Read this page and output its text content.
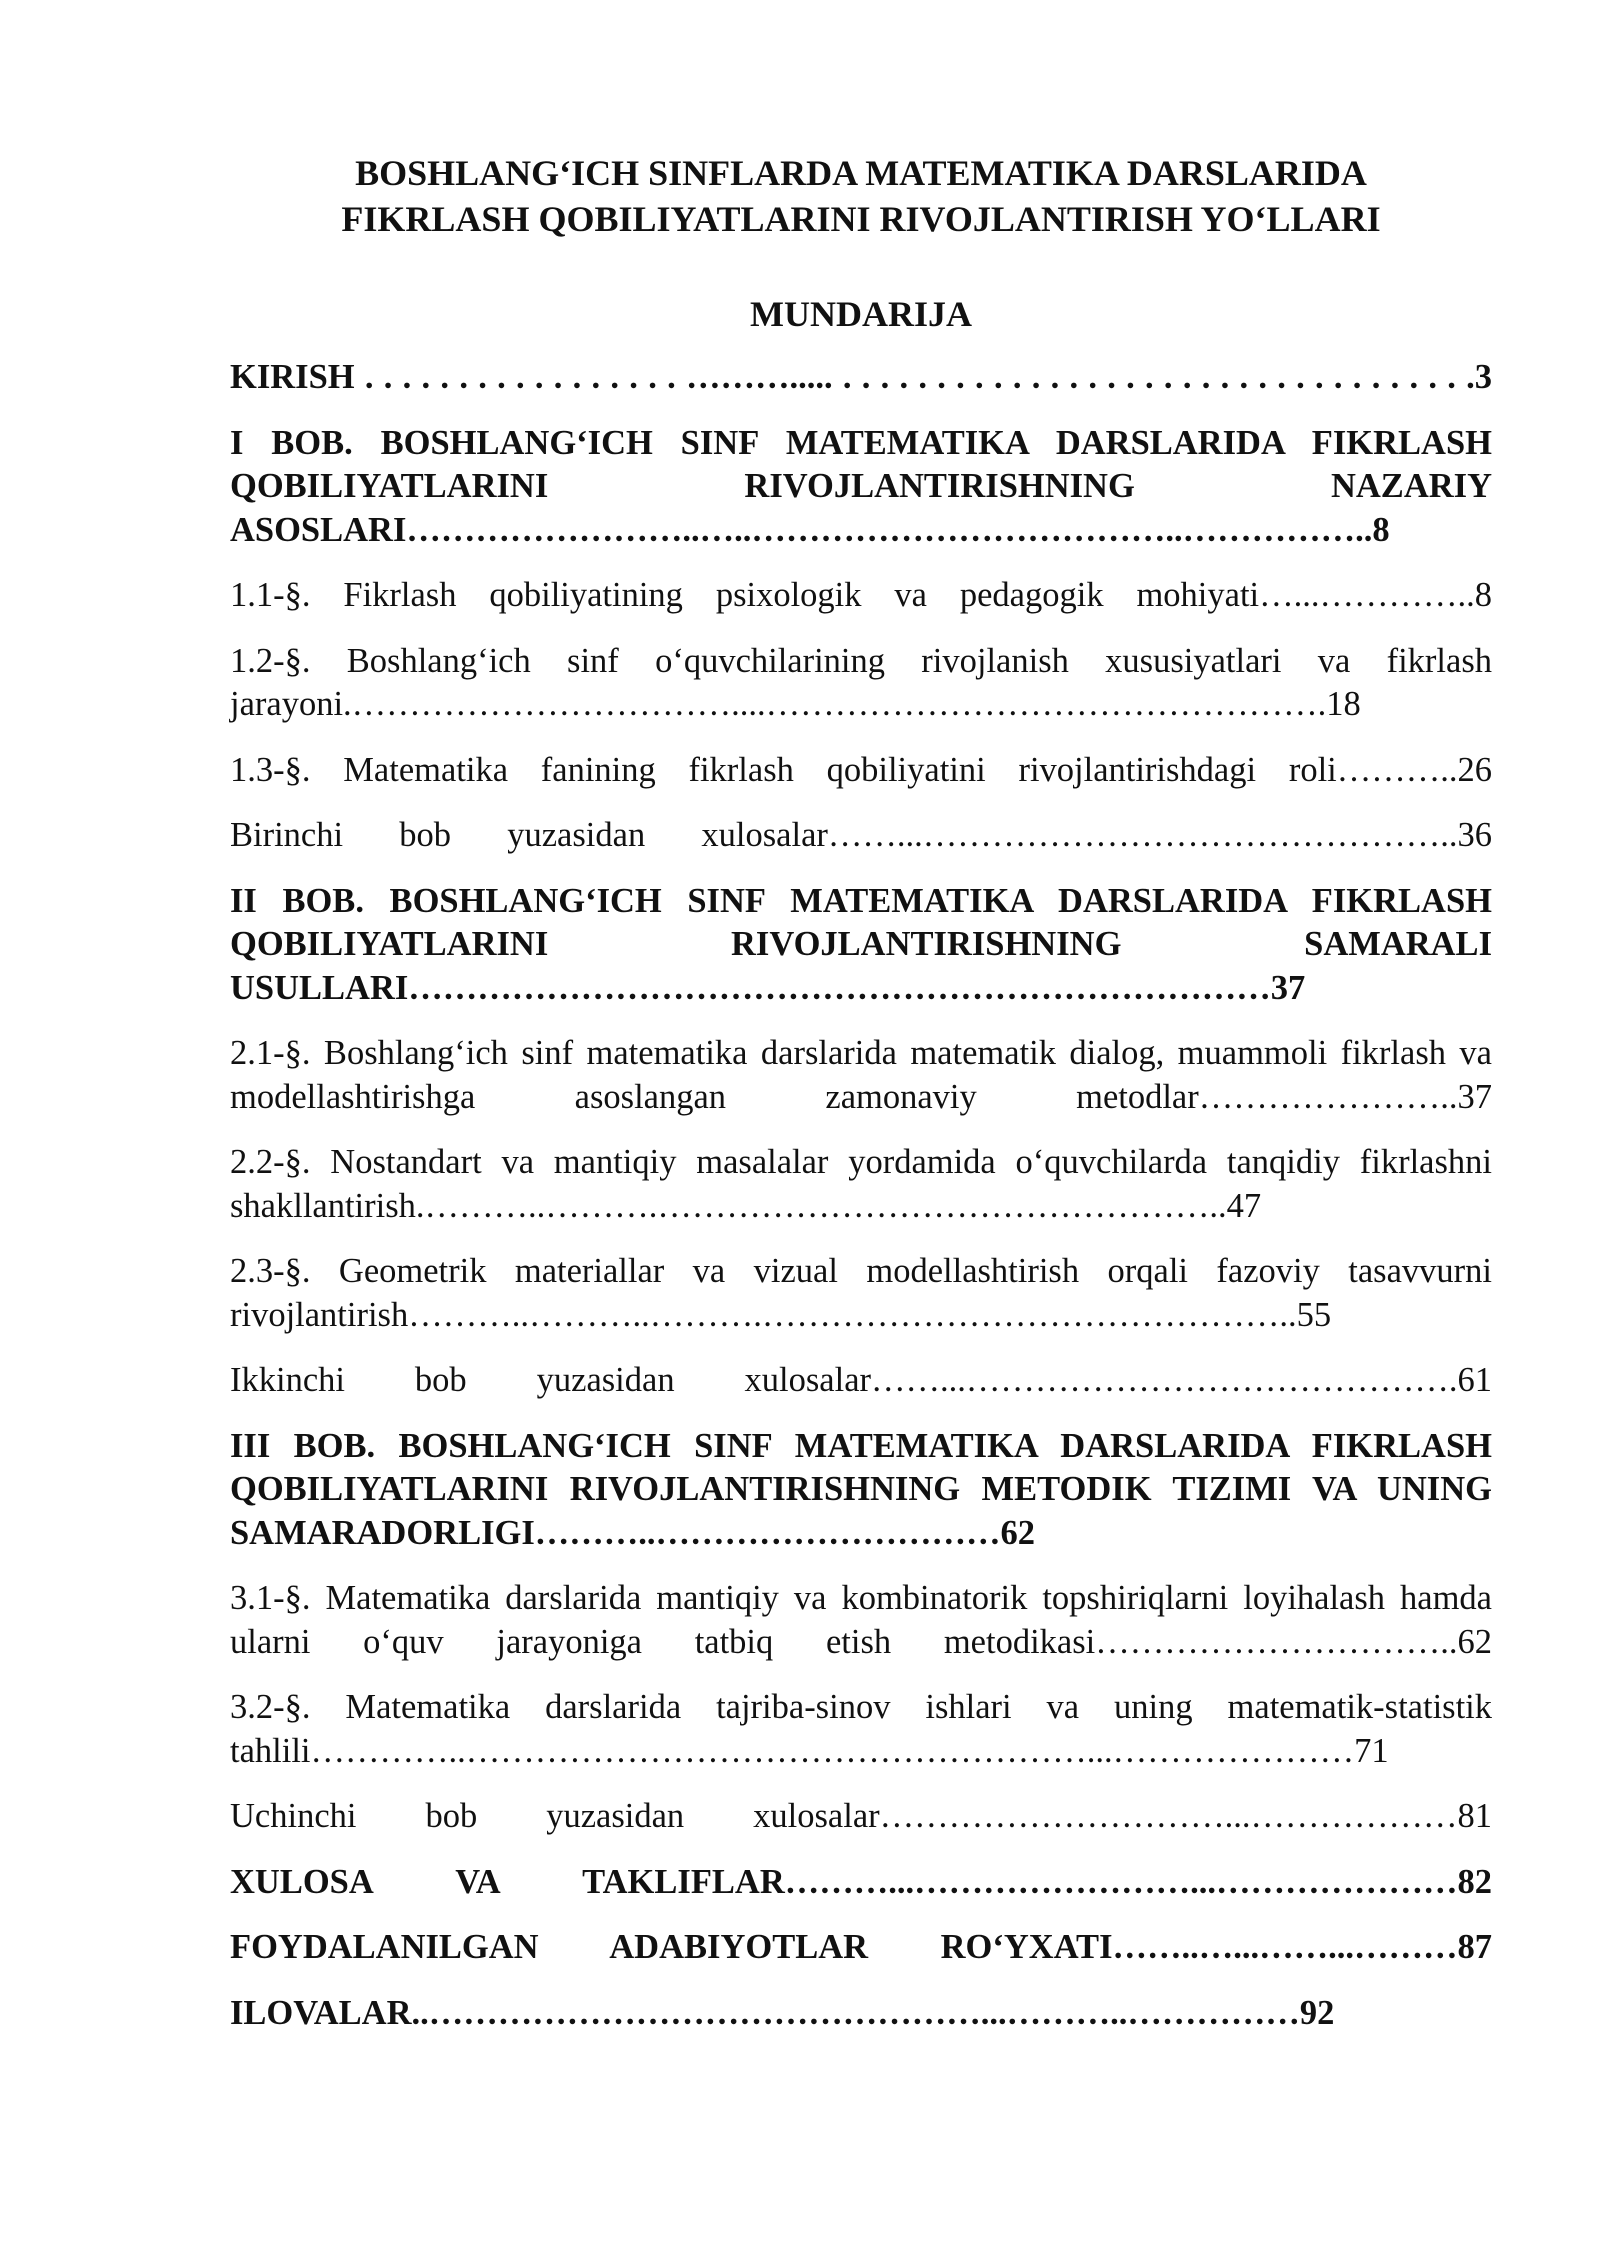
BOSHLANG‘ICH SINFLARDA MATEMATIKA DARSLARIDA
FIKRLASH QOBILIYATLARINI RIVOJLANTIRISH YO‘LLARI
MUNDARIJA
KIRISH . . . . . . . . . . . . . . . . . ………..... . . . . . . . . . . . . . . . . . . . . . . . . . . . . . . . . . .3
I BOB. BOSHLANG‘ICH SINF MATEMATIKA DARSLARIDA FIKRLASH QOBILIYATLARINI RIVOJLANTIRISHNING NAZARIY ASOSLARI……………………..…..………………………………..……………..8
1.1-§. Fikrlash qobiliyatining psixologik va pedagogik mohiyati…...…………..8
1.2-§. Boshlang‘ich sinf o‘quvchilarining rivojlanish xususiyatlari va fikrlash jarayoni.……………………………....………………………………………….18
1.3-§. Matematika fanining fikrlash qobiliyatini rivojlantirishdagi roli………..26
Birinchi bob yuzasidan xulosalar……...………………………………………..36
II BOB. BOSHLANG‘ICH SINF MATEMATIKA DARSLARIDA FIKRLASH QOBILIYATLARINI RIVOJLANTIRISHNING SAMARALI USULLARI…………………………………………………………………37
2.1-§. Boshlang‘ich sinf matematika darslarida matematik dialog, muammoli fikrlash va modellashtirishga asoslangan zamonaviy metodlar…………………..37
2.2-§. Nostandart va mantiqiy masalalar yordamida o‘quvchilarda tanqidiy fikrlashni shakllantirish.………..……….…………………………………………..47
2.3-§. Geometrik materiallar va vizual modellashtirish orqali fazoviy tasavvurni rivojlantirish………..………..……….………………………………………..55
Ikkinchi bob yuzasidan xulosalar……...…………………………………….61
III BOB. BOSHLANG‘ICH SINF MATEMATIKA DARSLARIDA FIKRLASH QOBILIYATLARINI RIVOJLANTIRISHNING METODIK TIZIMI VA UNING SAMARADORLIGI………..…………………………62
3.1-§. Matematika darslarida mantiqiy va kombinatorik topshiriqlarni loyihalash hamda ularni o‘quv jarayoniga tatbiq etish metodikasi…………………………..62
3.2-§. Matematika darslarida tajriba-sinov ishlari va uning matematik-statistik tahlili…………..………………………………………………...…………………71
Uchinchi bob yuzasidan xulosalar…………………………...………………81
XULOSA VA TAKLIFLAR………...……………………...…………………82
FOYDALANILGAN ADABIYOTLAR RO‘YXATI……..…...……...………87
ILOVALAR..…………………………………………...………..……………92
